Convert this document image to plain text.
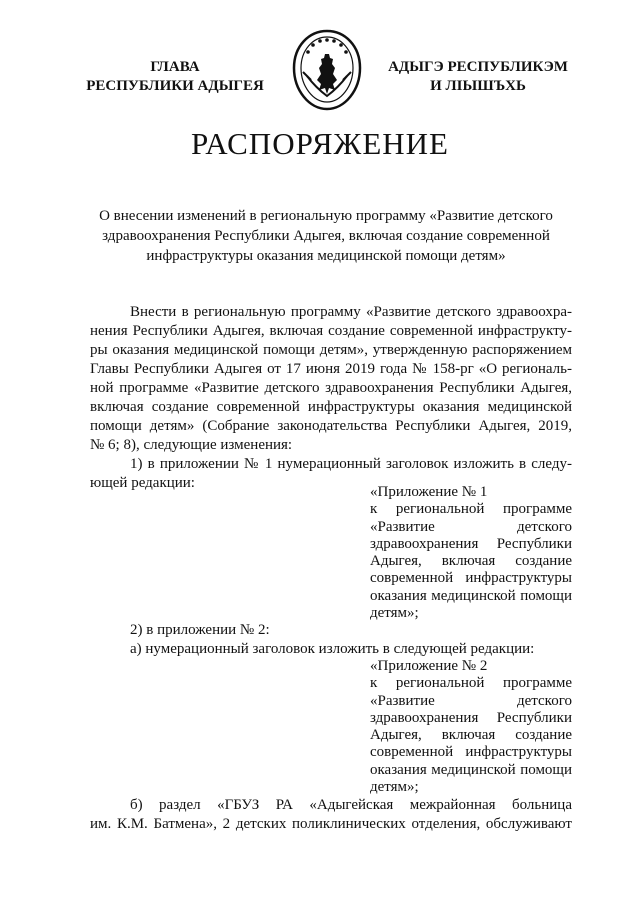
ГЛАВА
РЕСПУБЛИКИ АДЫГЕЯ
АДЫГЭ РЕСПУБЛИКЭМ
И ЛІЫШЪХЬ
РАСПОРЯЖЕНИЕ
О внесении изменений в региональную программу «Развитие детского
здравоохранения Республики Адыгея, включая создание современной
инфраструктуры оказания медицинской помощи детям»
Внести в региональную программу «Развитие детского здравоохра-
нения Республики Адыгея, включая создание современной инфраструкту-
ры оказания медицинской помощи детям», утвержденную распоряжением
Главы Республики Адыгея от 17 июня 2019 года № 158-рг «О региональ-
ной программе «Развитие детского здравоохранения Республики Адыгея,
включая создание современной инфраструктуры оказания медицинской
помощи детям» (Собрание законодательства Республики Адыгея, 2019,
№ 6; 8), следующие изменения:
1) в приложении № 1 нумерационный заголовок изложить в следу-
ющей редакции:
«Приложение № 1
к региональной программе
«Развитие	детского
здравоохранения Республики
Адыгея, включая создание
современной инфраструктуры
оказания медицинской помощи
детям»;
2) в приложении № 2:
а) нумерационный заголовок изложить в следующей редакции:
«Приложение № 2
к региональной программе
«Развитие	детского
здравоохранения Республики
Адыгея, включая создание
современной инфраструктуры
оказания медицинской помощи
детям»;
б) раздел «ГБУЗ РА «Адыгейская межрайонная больница
им. К.М. Батмена», 2 детских поликлинических отделения, обслуживают
